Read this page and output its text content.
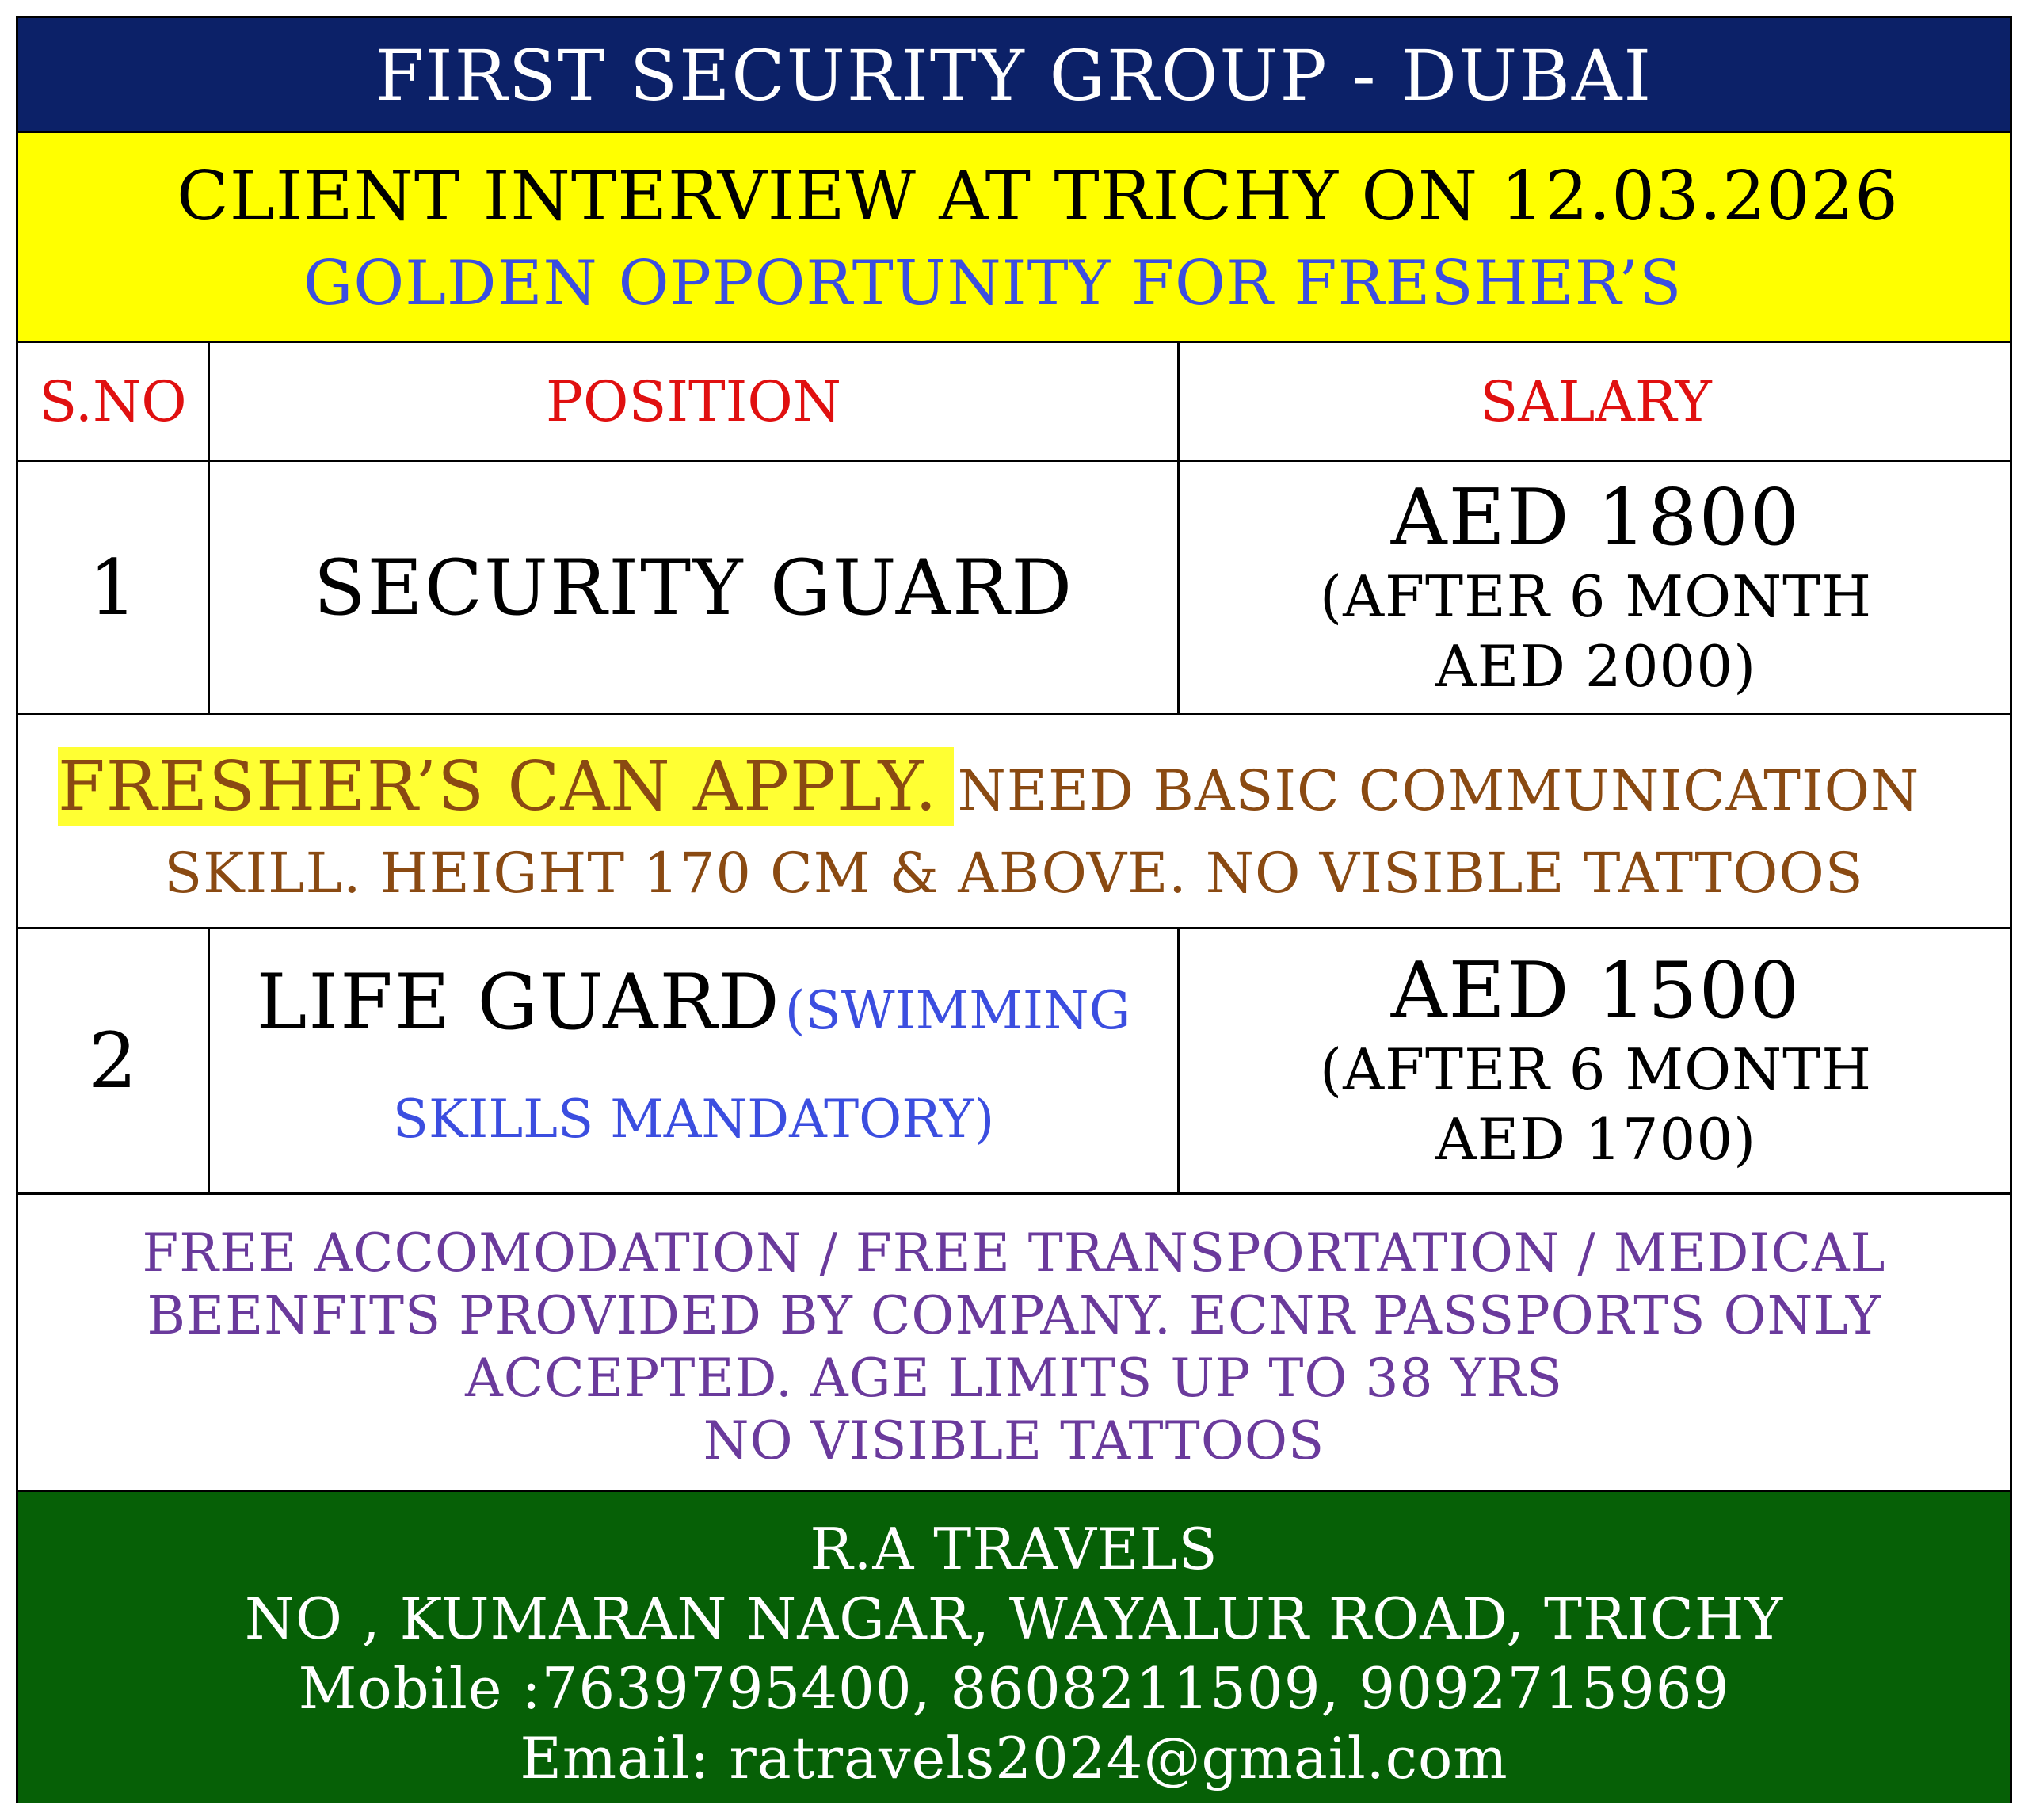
FIRST SECURITY GROUP - DUBAI
CLIENT INTERVIEW AT TRICHY ON 12.03.2026
GOLDEN OPPORTUNITY FOR FRESHER’S
S.NO	POSITION	SALARY
1 SECURITY GUARD
AED 1800
(AFTER 6 MONTH
AED 2000)
FRESHER’S CAN APPLY. NEED BASIC COMMUNICATION
SKILL. HEIGHT 170 CM & ABOVE. NO VISIBLE TATTOOS
2
LIFE GUARD (SWIMMING
SKILLS MANDATORY)
AED 1500
(AFTER 6 MONTH
AED 1700)
FREE ACCOMODATION / FREE TRANSPORTATION / MEDICAL
BEENFITS PROVIDED BY COMPANY. ECNR PASSPORTS ONLY
ACCEPTED. AGE LIMITS UP TO 38 YRS
NO VISIBLE TATTOOS
R.A TRAVELS
NO , KUMARAN NAGAR, WAYALUR ROAD, TRICHY
Mobile :7639795400, 8608211509, 9092715969
Email: ratravels2024@gmail.com
